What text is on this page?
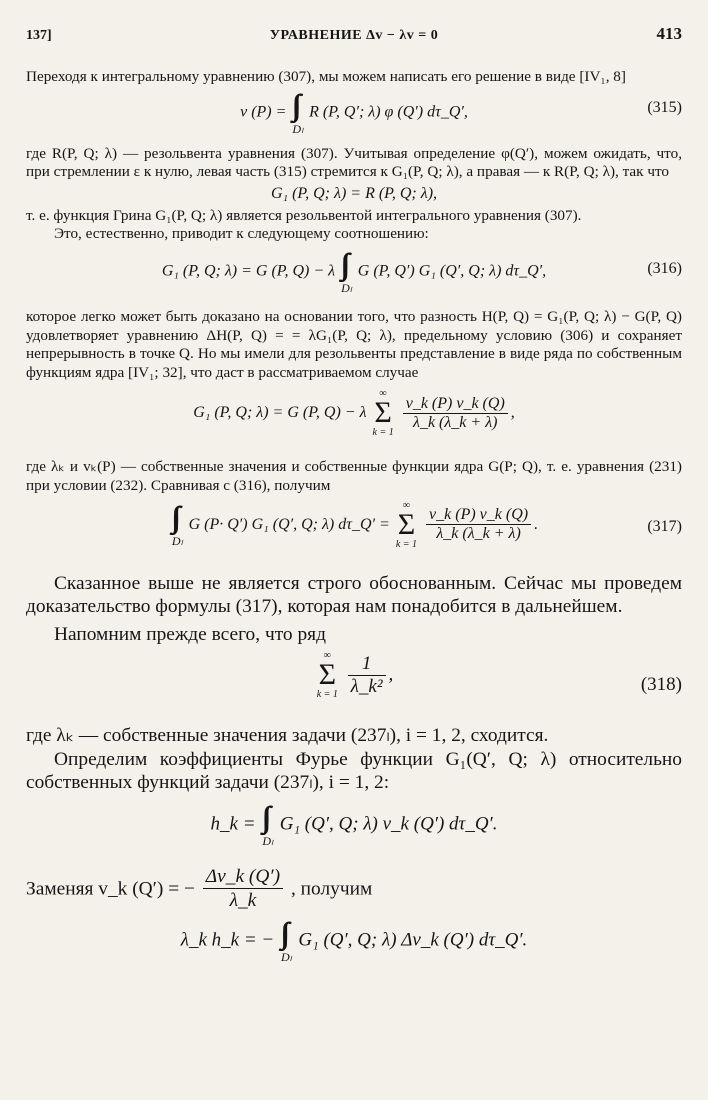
137]	УРАВНЕНИЕ Δv − λv = 0	413

Переходя к интегральному уравнению (307), мы можем написать его решение в виде [IV₁, 8]

v (P) =
Dₗ
R (P, Q′; λ) φ (Q′) dτ_Q′,	(315)

где R(P, Q; λ) — резольвента уравнения (307). Учитывая определение φ(Q′), можем ожидать, что, при стремлении ε к нулю, левая часть (315) стремится к G₁(P, Q; λ), а правая — к R(P, Q; λ), так что

G₁ (P, Q; λ) = R (P, Q; λ),

т. е. функция Грина G₁(P, Q; λ) является резольвентой интегрального уравнения (307).

Это, естественно, приводит к следующему соотношению:

G₁ (P, Q; λ) = G (P, Q) − λ
Dₗ
G (P, Q′) G₁ (Q′, Q; λ) dτ_Q′,	(316)

которое легко может быть доказано на основании того, что разность H(P, Q) = G₁(P, Q; λ) − G(P, Q) удовлетворяет уравнению ΔH(P, Q) = = λG₁(P, Q; λ), предельному условию (306) и сохраняет непрерывность в точке Q. Но мы имели для резольвенты представление в виде ряда по собственным функциям ядра [IV₁; 32], что даст в рассматриваемом случае

G₁ (P, Q; λ) = G (P, Q) − λ
∞
Σ
k = 1

$\frac{v\_k (P) v\_k (Q)}{\lambda\_k (\lambda\_k + \lambda)}$ ,

где λₖ и vₖ(P) — собственные значения и собственные функции ядра G(P; Q), т. е. уравнения (231) при условии (232). Сравнивая с (316), получим

Dₗ
G (P· Q′) G₁ (Q′, Q; λ) dτ_Q′ =
∞
Σ
k = 1

$\frac{v\_k (P) v\_k (Q)}{\lambda\_k (\lambda\_k + \lambda)}$ .	(317)

Сказанное выше не является строго обоснованным. Сейчас мы проведем доказательство формулы (317), которая нам понадобится в дальнейшем.

Напомним прежде всего, что ряд

∞
Σ
k = 1
$\frac{1}{\text{λ\_k²}}$ ,	(318)

где λₖ — собственные значения задачи (237ₗ), i = 1, 2, сходится.

Определим коэффициенты Фурье функции G₁(Q′, Q; λ) относительно собственных функций задачи (237ₗ), i = 1, 2:

h_k =
Dₗ
G₁ (Q′, Q; λ) v_k (Q′) dτ_Q′.
Заменяя v_k (Q′) = − $\frac{\Delta v\_k (Q')}{\lambda\_k}$ , получим
λ_k h_k = −
Dₗ
G₁ (Q′, Q; λ) Δv_k (Q′) dτ_Q′.
